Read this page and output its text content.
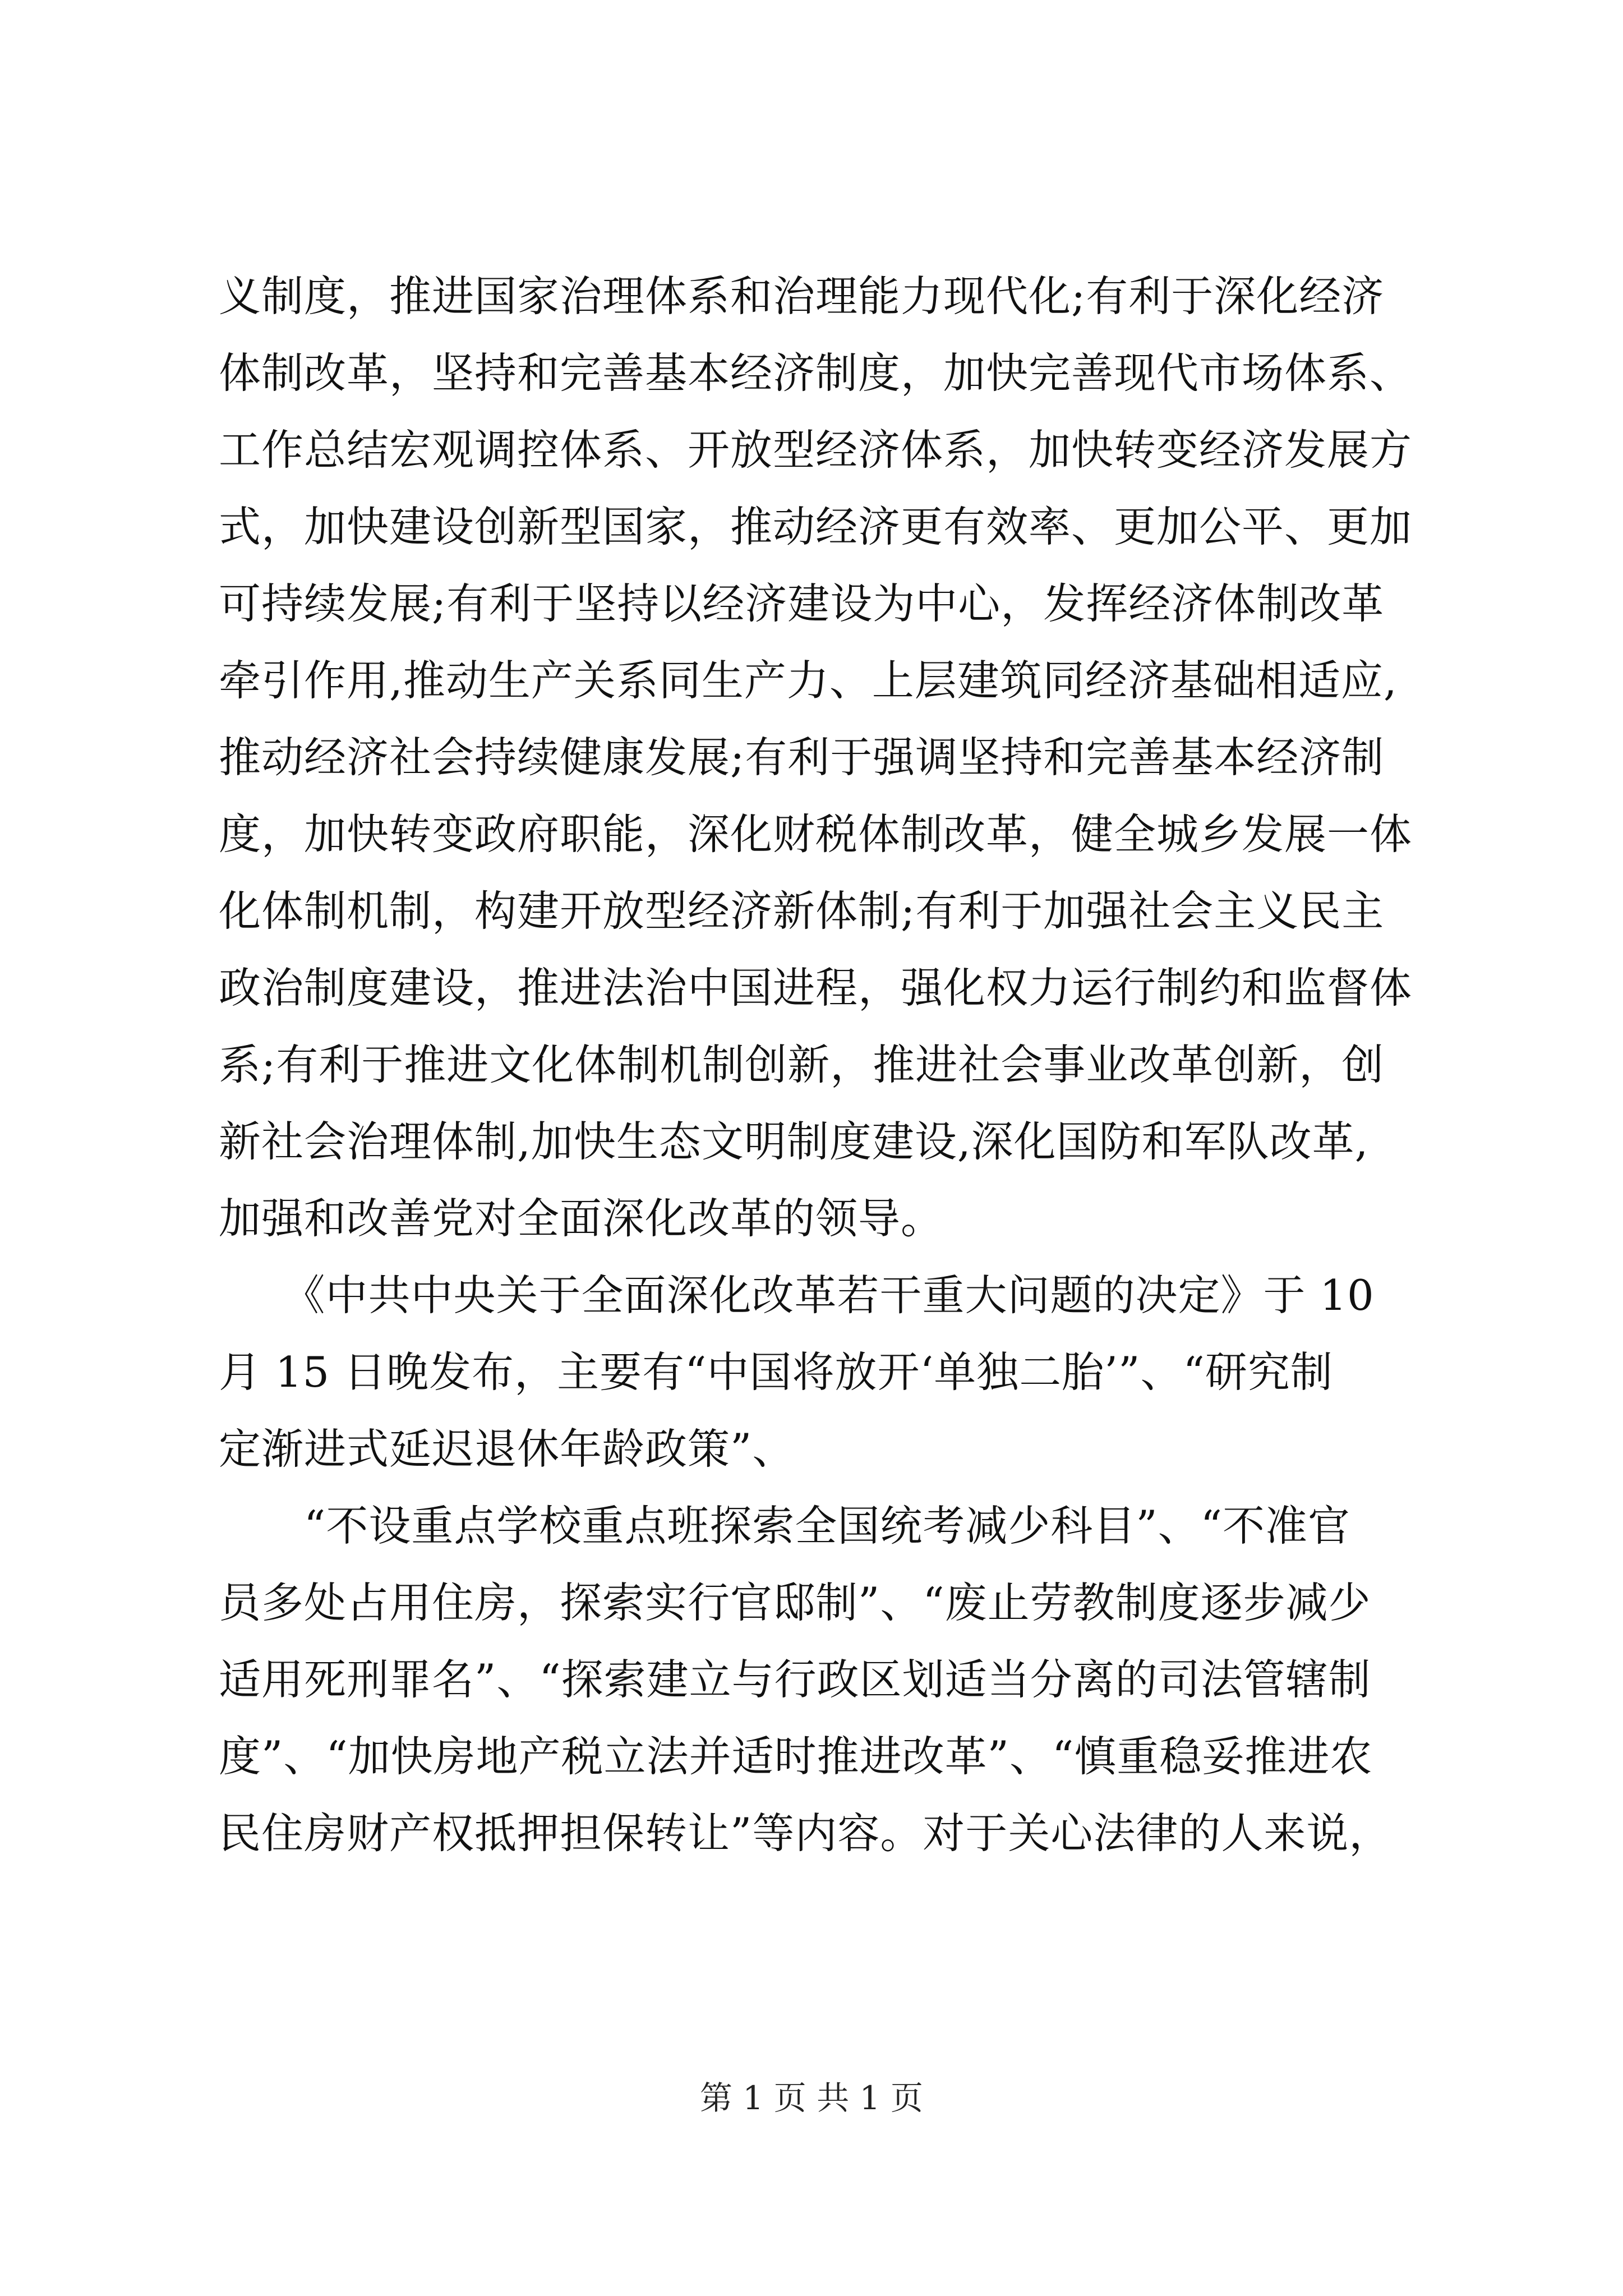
义制度，推进国家治理体系和治理能力现代化;有利于深化经济
体制改革，坚持和完善基本经济制度，加快完善现代市场体系、
工作总结宏观调控体系、开放型经济体系，加快转变经济发展方
式，加快建设创新型国家，推动经济更有效率、更加公平、更加
可持续发展;有利于坚持以经济建设为中心，发挥经济体制改革
牵引作用,推动生产关系同生产力、上层建筑同经济基础相适应,
推动经济社会持续健康发展;有利于强调坚持和完善基本经济制
度，加快转变政府职能，深化财税体制改革，健全城乡发展一体
化体制机制，构建开放型经济新体制;有利于加强社会主义民主
政治制度建设，推进法治中国进程，强化权力运行制约和监督体
系;有利于推进文化体制机制创新，推进社会事业改革创新，创
新社会治理体制,加快生态文明制度建设,深化国防和军队改革,
加强和改善党对全面深化改革的领导。
　　《中共中央关于全面深化改革若干重大问题的决定》于 10
月 15 日晚发布，主要有“中国将放开‘单独二胎’”、“研究制
定渐进式延迟退休年龄政策”、
　　“不设重点学校重点班探索全国统考减少科目”、“不准官
员多处占用住房，探索实行官邸制”、“废止劳教制度逐步减少
适用死刑罪名”、“探索建立与行政区划适当分离的司法管辖制
度”、“加快房地产税立法并适时推进改革”、“慎重稳妥推进农
民住房财产权抵押担保转让”等内容。对于关心法律的人来说，
第 1 页 共 1 页
